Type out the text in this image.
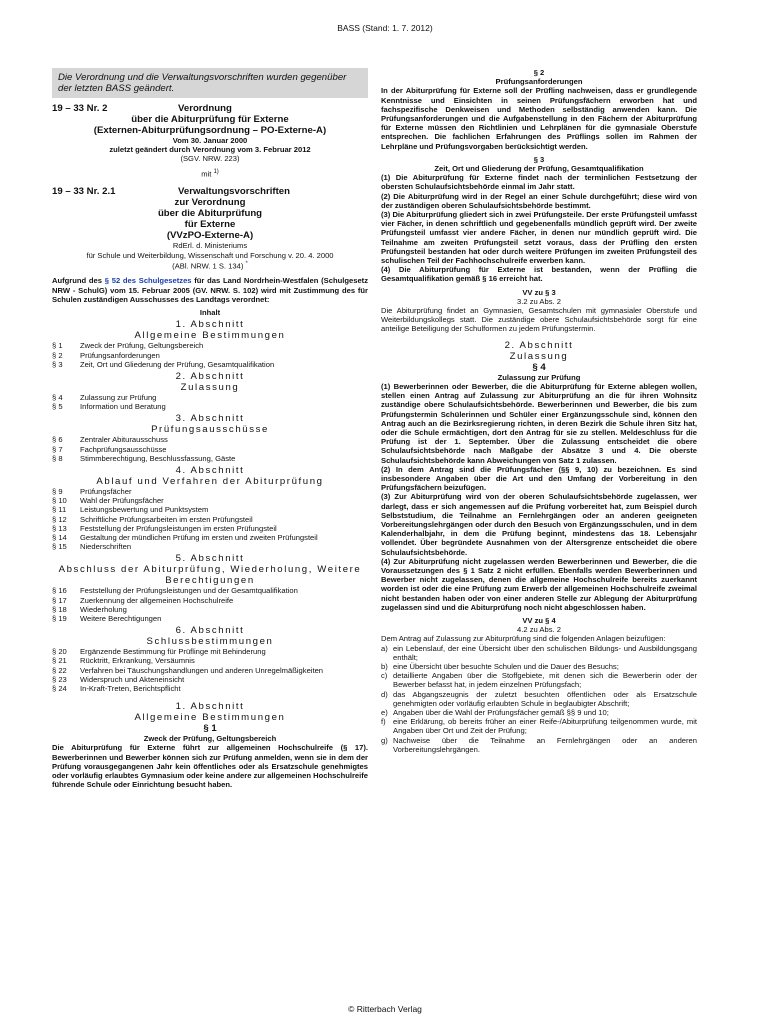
BASS (Stand: 1. 7. 2012)
Die Verordnung und die Verwaltungsvorschriften wurden gegenüber der letzten BASS geändert.
19 – 33 Nr. 2	Verordnung
über die Abiturprüfung für Externe
(Externen-Abiturprüfungsordnung – PO-Externe-A)
Vom 30. Januar 2000
zuletzt geändert durch Verordnung vom 3. Februar 2012
(SGV. NRW. 223)
mit $^{1)}$
19 – 33 Nr. 2.1	Verwaltungsvorschriften
zur Verordnung
über die Abiturprüfung
für Externe
(VVzPO-Externe-A)
RdErl. d. Ministeriums
für Schule und Weiterbildung, Wissenschaft und Forschung v. 20. 4. 2000
(ABl. NRW. 1 S. 134) *
Aufgrund des § 52 des Schulgesetzes für das Land Nordrhein-Westfalen (Schulgesetz NRW - SchulG) vom 15. Februar 2005 (GV. NRW. S. 102) wird mit Zustimmung des für Schulen zuständigen Ausschusses des Landtags verordnet:
Inhalt
1. Abschnitt
Allgemeine Bestimmungen
§ 1	Zweck der Prüfung, Geltungsbereich
§ 2	Prüfungsanforderungen
§ 3	Zeit, Ort und Gliederung der Prüfung, Gesamtqualifikation
2. Abschnitt
Zulassung
§ 4	Zulassung zur Prüfung
§ 5	Information und Beratung
3. Abschnitt
Prüfungsausschüsse
§ 6	Zentraler Abiturausschuss
§ 7	Fachprüfungsausschüsse
§ 8	Stimmberechtigung, Beschlussfassung, Gäste
4. Abschnitt
Ablauf und Verfahren der Abiturprüfung
§ 9	Prüfungsfächer
§ 10	Wahl der Prüfungsfächer
§ 11	Leistungsbewertung und Punktsystem
§ 12	Schriftliche Prüfungsarbeiten im ersten Prüfungsteil
§ 13	Feststellung der Prüfungsleistungen im ersten Prüfungsteil
§ 14	Gestaltung der mündlichen Prüfung im ersten und zweiten Prüfungsteil
§ 15	Niederschriften
5. Abschnitt
Abschluss der Abiturprüfung, Wiederholung, Weitere Berechtigungen
§ 16	Feststellung der Prüfungsleistungen und der Gesamtqualifikation
§ 17	Zuerkennung der allgemeinen Hochschulreife
§ 18	Wiederholung
§ 19	Weitere Berechtigungen
6. Abschnitt
Schlussbestimmungen
§ 20	Ergänzende Bestimmung für Prüflinge mit Behinderung
§ 21	Rücktritt, Erkrankung, Versäumnis
§ 22	Verfahren bei Täuschungshandlungen und anderen Unregelmäßigkeiten
§ 23	Widerspruch und Akteneinsicht
§ 24	In-Kraft-Treten, Berichtspflicht
1. Abschnitt
Allgemeine Bestimmungen
§ 1
Zweck der Prüfung, Geltungsbereich
Die Abiturprüfung für Externe führt zur allgemeinen Hochschulreife (§ 17). Bewerberinnen und Bewerber können sich zur Prüfung anmelden, wenn sie in dem der Prüfung vorausgegangenen Jahr kein öffentliches oder als Ersatzschule genehmigtes oder vorläufig erlaubtes Gymnasium oder keine andere zur allgemeinen Hochschulreife führende Schule oder Einrichtung besucht haben.
§ 2
Prüfungsanforderungen
In der Abiturprüfung für Externe soll der Prüfling nachweisen, dass er grundlegende Kenntnisse und Einsichten in seinen Prüfungsfächern erworben hat und fachspezifische Denkweisen und Methoden selbständig anwenden kann. Die Prüfungsanforderungen und die Aufgabenstellung in den Fächern der Abiturprüfung für Externe müssen den Richtlinien und Lehrplänen für die gymnasiale Oberstufe entsprechen. Die fachlichen Erfahrungen des Prüflings sollen im Rahmen der Lehrpläne und Prüfungsvorgaben berücksichtigt werden.
§ 3
Zeit, Ort und Gliederung der Prüfung, Gesamtqualifikation
(1) Die Abiturprüfung für Externe findet nach der terminlichen Festsetzung der obersten Schulaufsichtsbehörde einmal im Jahr statt.
(2) Die Abiturprüfung wird in der Regel an einer Schule durchgeführt; diese wird von der zuständigen oberen Schulaufsichtsbehörde bestimmt.
(3) Die Abiturprüfung gliedert sich in zwei Prüfungsteile. Der erste Prüfungsteil umfasst vier Fächer, in denen schriftlich und gegebenenfalls mündlich geprüft wird. Der zweite Prüfungsteil umfasst vier andere Fächer, in denen nur mündlich geprüft wird. Die Teilnahme am zweiten Prüfungsteil setzt voraus, dass der Prüfling den ersten Prüfungsteil bestanden hat oder durch weitere Prüfungen im zweiten Prüfungsteil des schulischen Teil der Fachhochschulreife erwerben kann.
(4) Die Abiturprüfung für Externe ist bestanden, wenn der Prüfling die Gesamtqualifikation gemäß § 16 erreicht hat.
VV zu § 3
3.2 zu Abs. 2
Die Abiturprüfung findet an Gymnasien, Gesamtschulen mit gymnasialer Oberstufe und Weiterbildungskollegs statt. Die zuständige obere Schulaufsichtsbehörde sorgt für eine anteilige Beteiligung der Schulformen zu jedem Prüfungstermin.
2. Abschnitt
Zulassung
§ 4
Zulassung zur Prüfung
(1) Bewerberinnen oder Bewerber, die die Abiturprüfung für Externe ablegen wollen, stellen einen Antrag auf Zulassung zur Abiturprüfung an die für ihren Wohnsitz zuständige obere Schulaufsichtsbehörde. Bewerberinnen und Bewerber, die bis zum Prüfungstermin Schülerinnen und Schüler einer Ergänzungsschule sind, können den Antrag auch an die Bezirksregierung richten, in deren Bezirk die Schule ihren Sitz hat, oder die Schule ermächtigen, dort den Antrag für sie zu stellen. Meldeschluss für die Prüfung ist der 1. September. Über die Zulassung entscheidet die obere Schulaufsichtsbehörde nach Maßgabe der Absätze 3 und 4. Die oberste Schulaufsichtsbehörde kann Abweichungen von Satz 1 zulassen.
(2) In dem Antrag sind die Prüfungsfächer (§§ 9, 10) zu bezeichnen. Es sind insbesondere Angaben über die Art und den Umfang der Vorbereitung in den Prüfungsfächern beizufügen.
(3) Zur Abiturprüfung wird von der oberen Schulaufsichtsbehörde zugelassen, wer darlegt, dass er sich angemessen auf die Prüfung vorbereitet hat, zum Beispiel durch Selbststudium, die Teilnahme an Fernlehrgängen oder an anderen geeigneten Vorbereitungslehrgängen oder durch den Besuch von Ergänzungsschulen, und in dem Kalenderhalbjahr, in dem die Prüfung beginnt, mindestens das 18. Lebensjahr vollendet. Über begründete Ausnahmen von der Altersgrenze entscheidet die obere Schulaufsichtsbehörde.
(4) Zur Abiturprüfung nicht zugelassen werden Bewerberinnen und Bewerber, die die Voraussetzungen des § 1 Satz 2 nicht erfüllen. Ebenfalls werden Bewerberinnen und Bewerber nicht zugelassen, denen die allgemeine Hochschulreife bereits zuerkannt worden ist oder die eine Prüfung zum Erwerb der allgemeinen Hochschulreife zweimal nicht bestanden haben oder von einer anderen Stelle zur Ablegung der Abiturprüfung zugelassen sind und die Abiturprüfung noch nicht abgeschlossen haben.
VV zu § 4
4.2 zu Abs. 2
Dem Antrag auf Zulassung zur Abiturprüfung sind die folgenden Anlagen beizufügen:
a) ein Lebenslauf, der eine Übersicht über den schulischen Bildungs- und Ausbildungsgang enthält;
b) eine Übersicht über besuchte Schulen und die Dauer des Besuchs;
c) detaillierte Angaben über die Stoffgebiete, mit denen sich die Bewerberin oder der Bewerber befasst hat, in jedem einzelnen Prüfungsfach;
d) das Abgangszeugnis der zuletzt besuchten öffentlichen oder als Ersatzschule genehmigten oder vorläufig erlaubten Schule in beglaubigter Abschrift;
e) Angaben über die Wahl der Prüfungsfächer gemäß §§ 9 und 10;
f) eine Erklärung, ob bereits früher an einer Reife-/Abiturprüfung teilgenommen wurde, mit Angaben über Ort und Zeit der Prüfung;
g) Nachweise über die Teilnahme an Fernlehrgängen oder an anderen Vorbereitungslehrgängen.
© Ritterbach Verlag
